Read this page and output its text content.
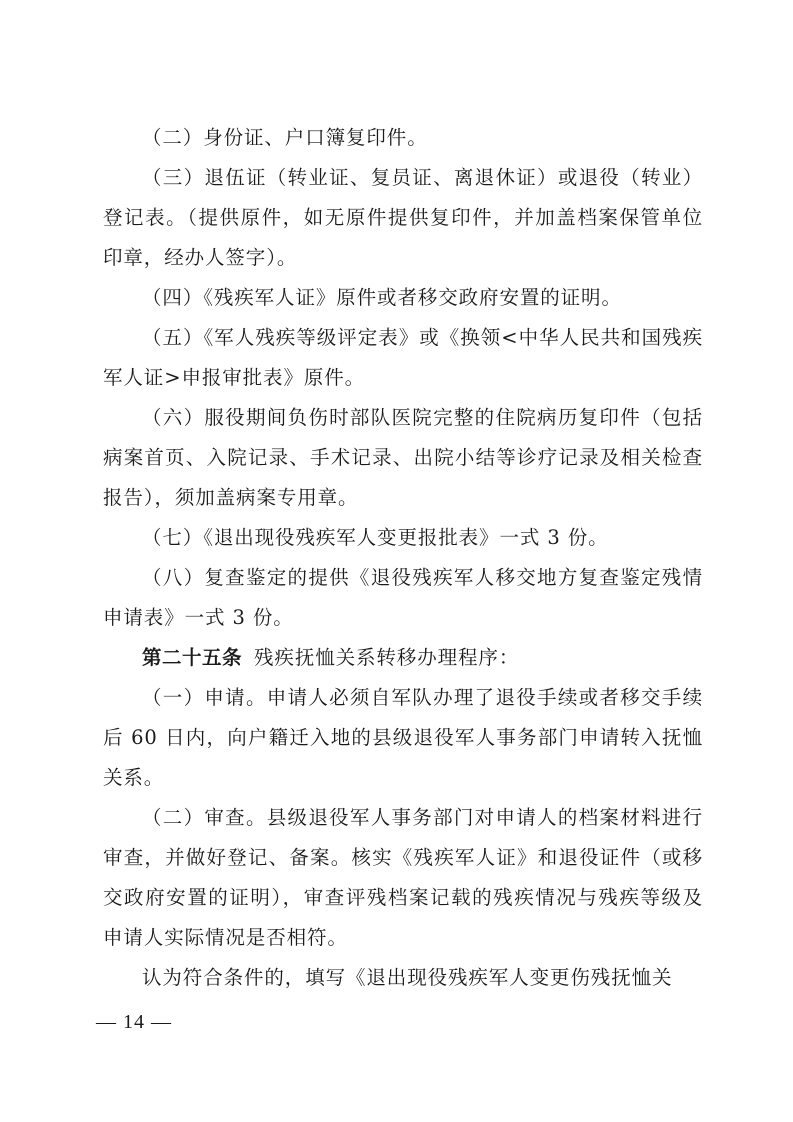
（二）身份证、户口簿复印件。

（三）退伍证（转业证、复员证、离退休证）或退役（转业）登记表。（提供原件，如无原件提供复印件，并加盖档案保管单位印章，经办人签字）。

（四）《残疾军人证》原件或者移交政府安置的证明。

（五）《军人残疾等级评定表》或《换领<中华人民共和国残疾军人证>申报审批表》原件。

（六）服役期间负伤时部队医院完整的住院病历复印件（包括病案首页、入院记录、手术记录、出院小结等诊疗记录及相关检查报告），须加盖病案专用章。

（七）《退出现役残疾军人变更报批表》一式 3 份。

（八）复查鉴定的提供《退役残疾军人移交地方复查鉴定残情申请表》一式 3 份。

第二十五条 残疾抚恤关系转移办理程序：

（一）申请。申请人必须自军队办理了退役手续或者移交手续后 60 日内，向户籍迁入地的县级退役军人事务部门申请转入抚恤关系。

（二）审查。县级退役军人事务部门对申请人的档案材料进行审查，并做好登记、备案。核实《残疾军人证》和退役证件（或移交政府安置的证明），审查评残档案记载的残疾情况与残疾等级及申请人实际情况是否相符。

认为符合条件的，填写《退出现役残疾军人变更伤残抚恤关

— 14 —
